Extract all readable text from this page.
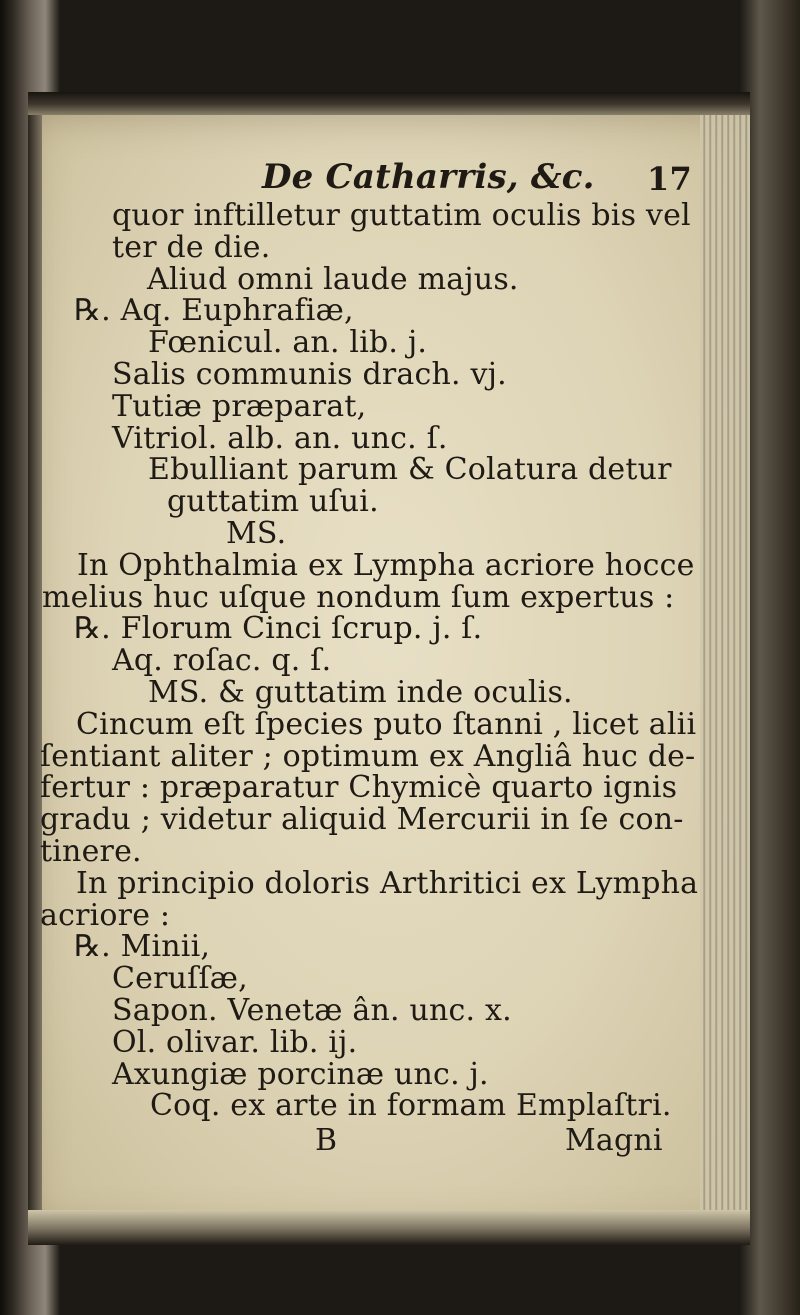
De Catharris, &c. 17
quor inftilletur guttatim oculis bis vel
ter de die.
Aliud omni laude majus.
℞. Aq. Euphrafiæ,
Fœnicul. an. lib. j.
Salis communis drach. vj.
Tutiæ præparat,
Vitriol. alb. an. unc. ſ.
Ebulliant parum & Colatura detur
guttatim uſui.
MS.
In Ophthalmia ex Lympha acriore hocce
melius huc uſque nondum ſum expertus :
℞. Florum Cinci ſcrup. j. ſ.
Aq. roſac. q. ſ.
MS. & guttatim inde oculis.
Cincum eſt ſpecies puto ſtanni , licet alii
ſentiant aliter ; optimum ex Angliâ huc de-
fertur : præparatur Chymicè quarto ignis
gradu ; videtur aliquid Mercurii in ſe con-
tinere.
In principio doloris Arthritici ex Lympha
acriore :
℞. Minii,
Ceruſſæ,
Sapon. Venetæ ân. unc. x.
Ol. olivar. lib. ij.
Axungiæ porcinæ unc. j.
Coq. ex arte in formam Emplaſtri.
B	Magni
